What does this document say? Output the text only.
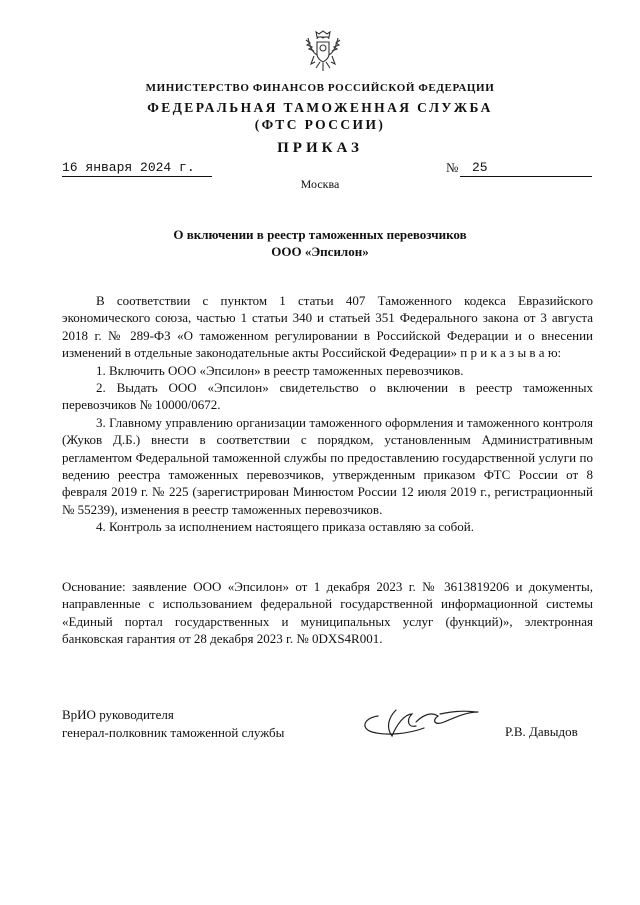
МИНИСТЕРСТВО ФИНАНСОВ РОССИЙСКОЙ ФЕДЕРАЦИИ
ФЕДЕРАЛЬНАЯ ТАМОЖЕННАЯ СЛУЖБА
(ФТС РОССИИ)
ПРИКАЗ
16 января 2024 г.	№	25
Москва
О включении в реестр таможенных перевозчиков
ООО «Эпсилон»

В соответствии с пунктом 1 статьи 407 Таможенного кодекса Евразийского экономического союза, частью 1 статьи 340 и статьей 351 Федерального закона от 3 августа 2018 г. № 289-ФЗ «О таможенном регулировании в Российской Федерации и о внесении изменений в отдельные законодательные акты Российской Федерации» п р и к а з ы в а ю:

1. Включить ООО «Эпсилон» в реестр таможенных перевозчиков.

2. Выдать ООО «Эпсилон» свидетельство о включении в реестр таможенных перевозчиков № 10000/0672.

3. Главному управлению организации таможенного оформления и таможенного контроля (Жуков Д.Б.) внести в соответствии с порядком, установленным Административным регламентом Федеральной таможенной службы по предоставлению государственной услуги по ведению реестра таможенных перевозчиков, утвержденным приказом ФТС России от 8 февраля 2019 г. № 225 (зарегистрирован Минюстом России 12 июля 2019 г., регистрационный № 55239), изменения в реестр таможенных перевозчиков.

4. Контроль за исполнением настоящего приказа оставляю за собой.

Основание: заявление ООО «Эпсилон» от 1 декабря 2023 г. № 3613819206 и документы, направленные с использованием федеральной государственной информационной системы «Единый портал государственных и муниципальных услуг (функций)», электронная банковская гарантия от 28 декабря 2023 г. № 0DXS4R001.

ВрИО руководителя
генерал-полковник таможенной службы	Р.В. Давыдов
